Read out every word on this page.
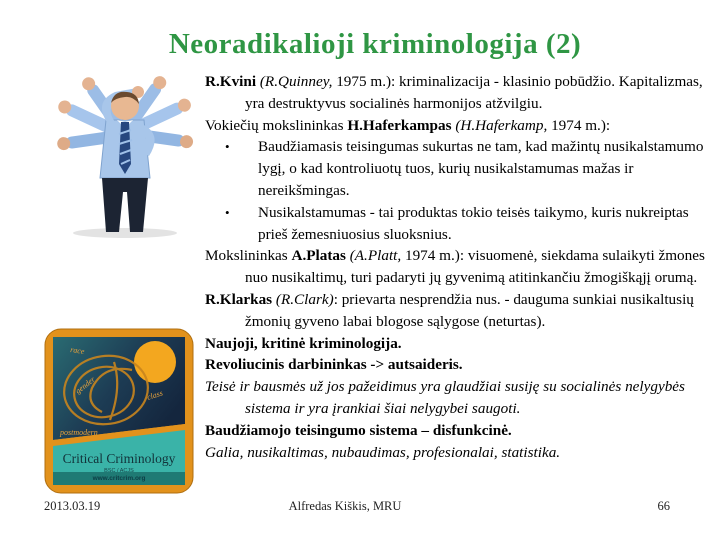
Neoradikalioji kriminologija (2)
race
gender	class
postmodern
Critical Criminology
BSC / ACJS
www.critcrim.org
R.Kvini (R.Quinney, 1975 m.): kriminalizacija - klasinio pobūdžio. Kapitalizmas, yra destruktyvus socialinės harmonijos atžvilgiu.
Vokiečių mokslininkas H.Haferkampas (H.Haferkamp, 1974 m.):
• Baudžiamasis teisingumas sukurtas ne tam, kad mažintų nusikalstamumo lygį, o kad kontroliuotų tuos, kurių nusikalstamumas mažas ir nereikšmingas.
• Nusikalstamumas - tai produktas tokio teisės taikymo, kuris nukreiptas prieš žemesniuosius sluoksnius.
Mokslininkas A.Platas (A.Platt, 1974 m.): visuomenė, siekdama sulaikyti žmones nuo nusikaltimų, turi padaryti jų gyvenimą atitinkančiu žmogiškąjį orumą.
R.Klarkas (R.Clark): prievarta nesprendžia nus. - dauguma sunkiai nusikaltusių žmonių gyveno labai blogose sąlygose (neturtas).
Naujoji, kritinė kriminologija.
Revoliucinis darbininkas -> autsaideris.
Teisė ir bausmės už jos pažeidimus yra glaudžiai susiję su socialinės nelygybės sistema ir yra įrankiai šiai nelygybei saugoti.
Baudžiamojo teisingumo sistema – disfunkcinė.
Galia, nusikaltimas, nubaudimas, profesionalai, statistika.
2013.03.19	Alfredas Kiškis, MRU	66
